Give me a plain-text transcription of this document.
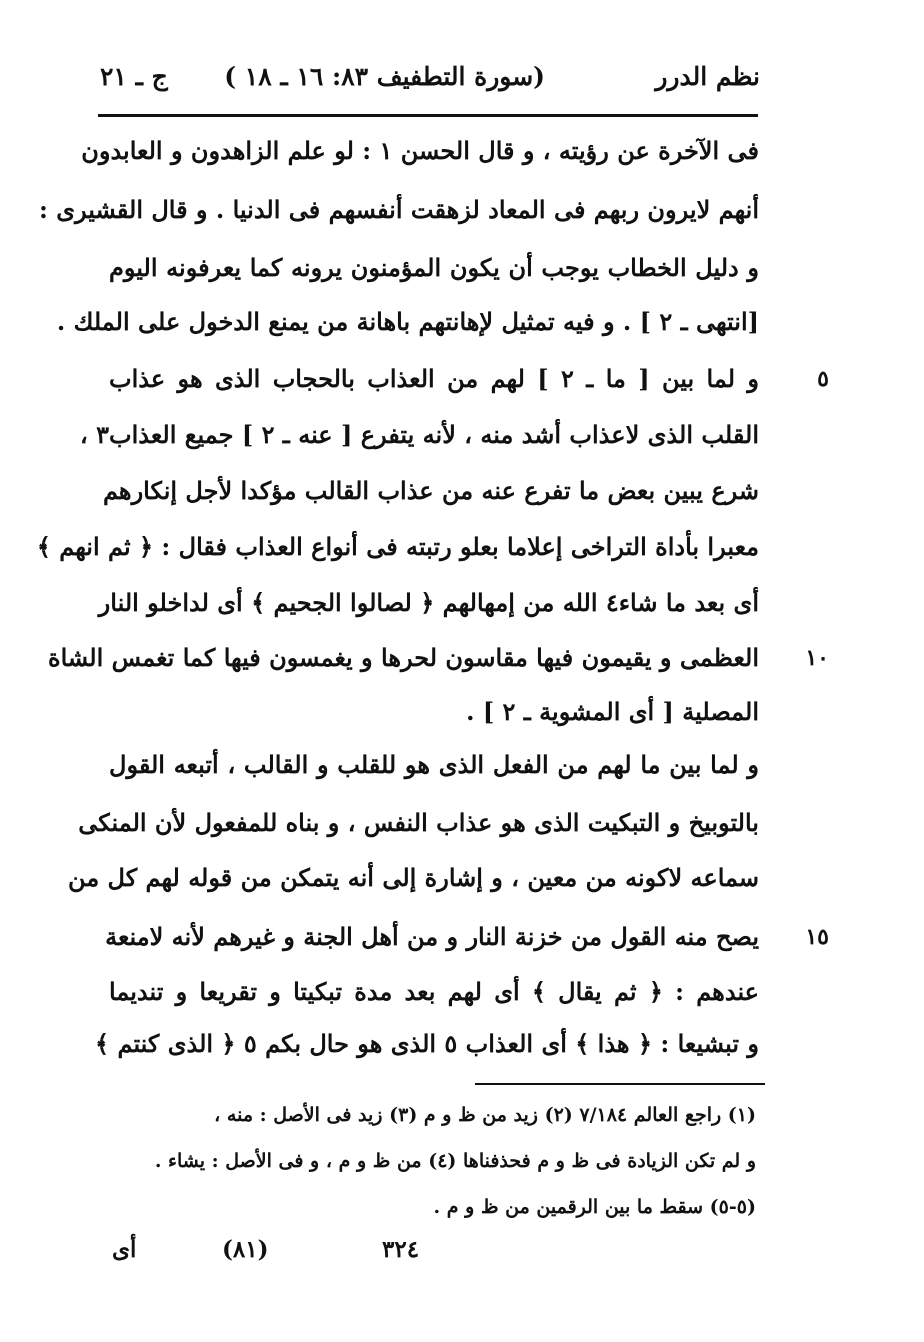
نظم الدرر
(سورة التطفيف ٨٣: ١٦ ـ ١٨ )
ج ـ ٢١
فى الآخرة عن رؤيته ، و قال الحسن ١ : لو علم الزاهدون و العابدون
أنهم لايرون ربهم فى المعاد لزهقت أنفسهم فى الدنيا . و قال القشيرى :
و دليل الخطاب يوجب أن يكون المؤمنون يرونه كما يعرفونه اليوم
[انتهى ـ ٢ ] . و فيه تمثيل لإهانتهم باهانة من يمنع الدخول على الملك .
٥
و لما بين [ ما ـ ٢ ] لهم من العذاب بالحجاب الذى هو عذاب
القلب الذى لاعذاب أشد منه ، لأنه يتفرع [ عنه ـ ٢ ] جميع العذاب٣ ،
شرع يبين بعض ما تفرع عنه من عذاب القالب مؤكدا لأجل إنكارهم
معبرا بأداة التراخى إعلاما بعلو رتبته فى أنواع العذاب فقال : ﴿ ثم انهم ﴾
أى بعد ما شاء٤ الله من إمهالهم ﴿ لصالوا الجحيم ﴾ أى لداخلو النار
١٠
العظمى و يقيمون فيها مقاسون لحرها و يغمسون فيها كما تغمس الشاة
المصلية [ أى المشوية ـ ٢ ] .
و لما بين ما لهم من الفعل الذى هو للقلب و القالب ، أتبعه القول
بالتوبيخ و التبكيت الذى هو عذاب النفس ، و بناه للمفعول لأن المنكى
سماعه لاكونه من معين ، و إشارة إلى أنه يتمكن من قوله لهم كل من
١٥
يصح منه القول من خزنة النار و من أهل الجنة و غيرهم لأنه لامنعة
عندهم : ﴿ ثم يقال ﴾ أى لهم بعد مدة تبكيتا و تقريعا و تنديما
و تبشيعا : ﴿ هذا ﴾ أى العذاب ٥ الذى هو حال بكم ٥ ﴿ الذى كنتم ﴾
(١) راجع العالم ٧/١٨٤ (٢) زيد من ظ و م (٣) زيد فى الأصل : منه ،
و لم تكن الزيادة فى ظ و م فحذفناها (٤) من ظ و م ، و فى الأصل : يشاء .
(٥-٥) سقط ما بين الرقمين من ظ و م .
أى	(٨١)	٣٢٤
